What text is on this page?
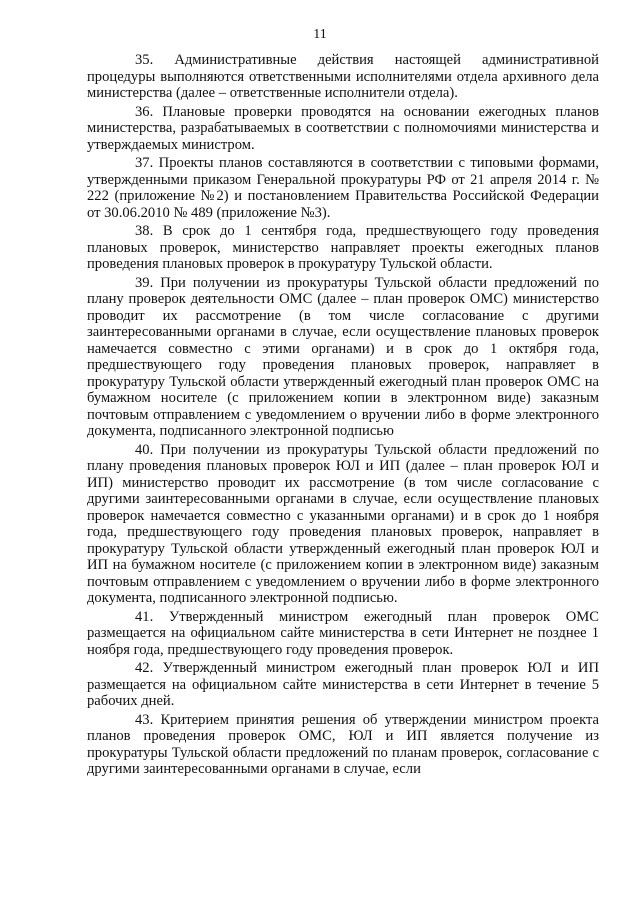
11

35. Административные действия настоящей административной процедуры выполняются ответственными исполнителями отдела архивного дела министерства (далее – ответственные исполнители отдела).

36. Плановые проверки проводятся на основании ежегодных планов министерства, разрабатываемых в соответствии с полномочиями министерства и утверждаемых министром.

37. Проекты планов составляются в соответствии с типовыми формами, утвержденными приказом Генеральной прокуратуры РФ от 21 апреля 2014 г. № 222 (приложение №2) и постановлением Правительства Российской Федерации от 30.06.2010 № 489 (приложение №3).

38. В срок до 1 сентября года, предшествующего году проведения плановых проверок, министерство направляет проекты ежегодных планов проведения плановых проверок в прокуратуру Тульской области.

39. При получении из прокуратуры Тульской области предложений по плану проверок деятельности ОМС (далее – план проверок ОМС) министерство проводит их рассмотрение (в том числе согласование с другими заинтересованными органами в случае, если осуществление плановых проверок намечается совместно с этими органами) и в срок до 1 октября года, предшествующего году проведения плановых проверок, направляет в прокуратуру Тульской области утвержденный ежегодный план проверок ОМС на бумажном носителе (с приложением копии в электронном виде) заказным почтовым отправлением с уведомлением о вручении либо в форме электронного документа, подписанного электронной подписью

40. При получении из прокуратуры Тульской области предложений по плану проведения плановых проверок ЮЛ и ИП (далее – план проверок ЮЛ и ИП) министерство проводит их рассмотрение (в том числе согласование с другими заинтересованными органами в случае, если осуществление плановых проверок намечается совместно с указанными органами) и в срок до 1 ноября года, предшествующего году проведения плановых проверок, направляет в прокуратуру Тульской области утвержденный ежегодный план проверок ЮЛ и ИП на бумажном носителе (с приложением копии в электронном виде) заказным почтовым отправлением с уведомлением о вручении либо в форме электронного документа, подписанного электронной подписью.

41. Утвержденный министром ежегодный план проверок ОМС размещается на официальном сайте министерства в сети Интернет не позднее 1 ноября года, предшествующего году проведения проверок.

42. Утвержденный министром ежегодный план проверок ЮЛ и ИП размещается на официальном сайте министерства в сети Интернет в течение 5 рабочих дней.

43. Критерием принятия решения об утверждении министром проекта планов проведения проверок ОМС, ЮЛ и ИП является получение из прокуратуры Тульской области предложений по планам проверок, согласование с другими заинтересованными органами в случае, если
